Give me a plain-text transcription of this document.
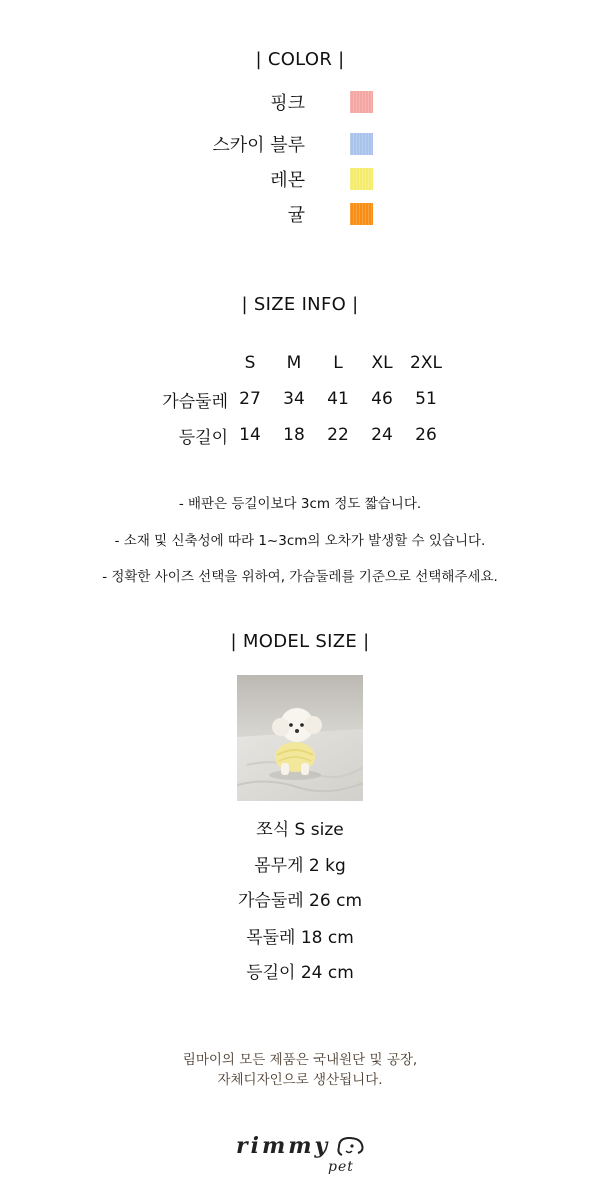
| COLOR |
핑크
스카이 블루
레몬
귤
| SIZE INFO |
	S	M	L	XL	2XL
가슴둘레	27	34	41	46	51
등길이	14	18	22	24	26
- 배판은 등길이보다 3cm 정도 짧습니다.
- 소재 및 신축성에 따라 1~3cm의 오차가 발생할 수 있습니다.
- 정확한 사이즈 선택을 위하여, 가슴둘레를 기준으로 선택해주세요.
| MODEL SIZE |
쪼식 S size
몸무게 2 kg
가슴둘레 26 cm
목둘레 18 cm
등길이 24 cm
림마이의 모든 제품은 국내원단 및 공장,
자체디자인으로 생산됩니다.
rimmy
pet
